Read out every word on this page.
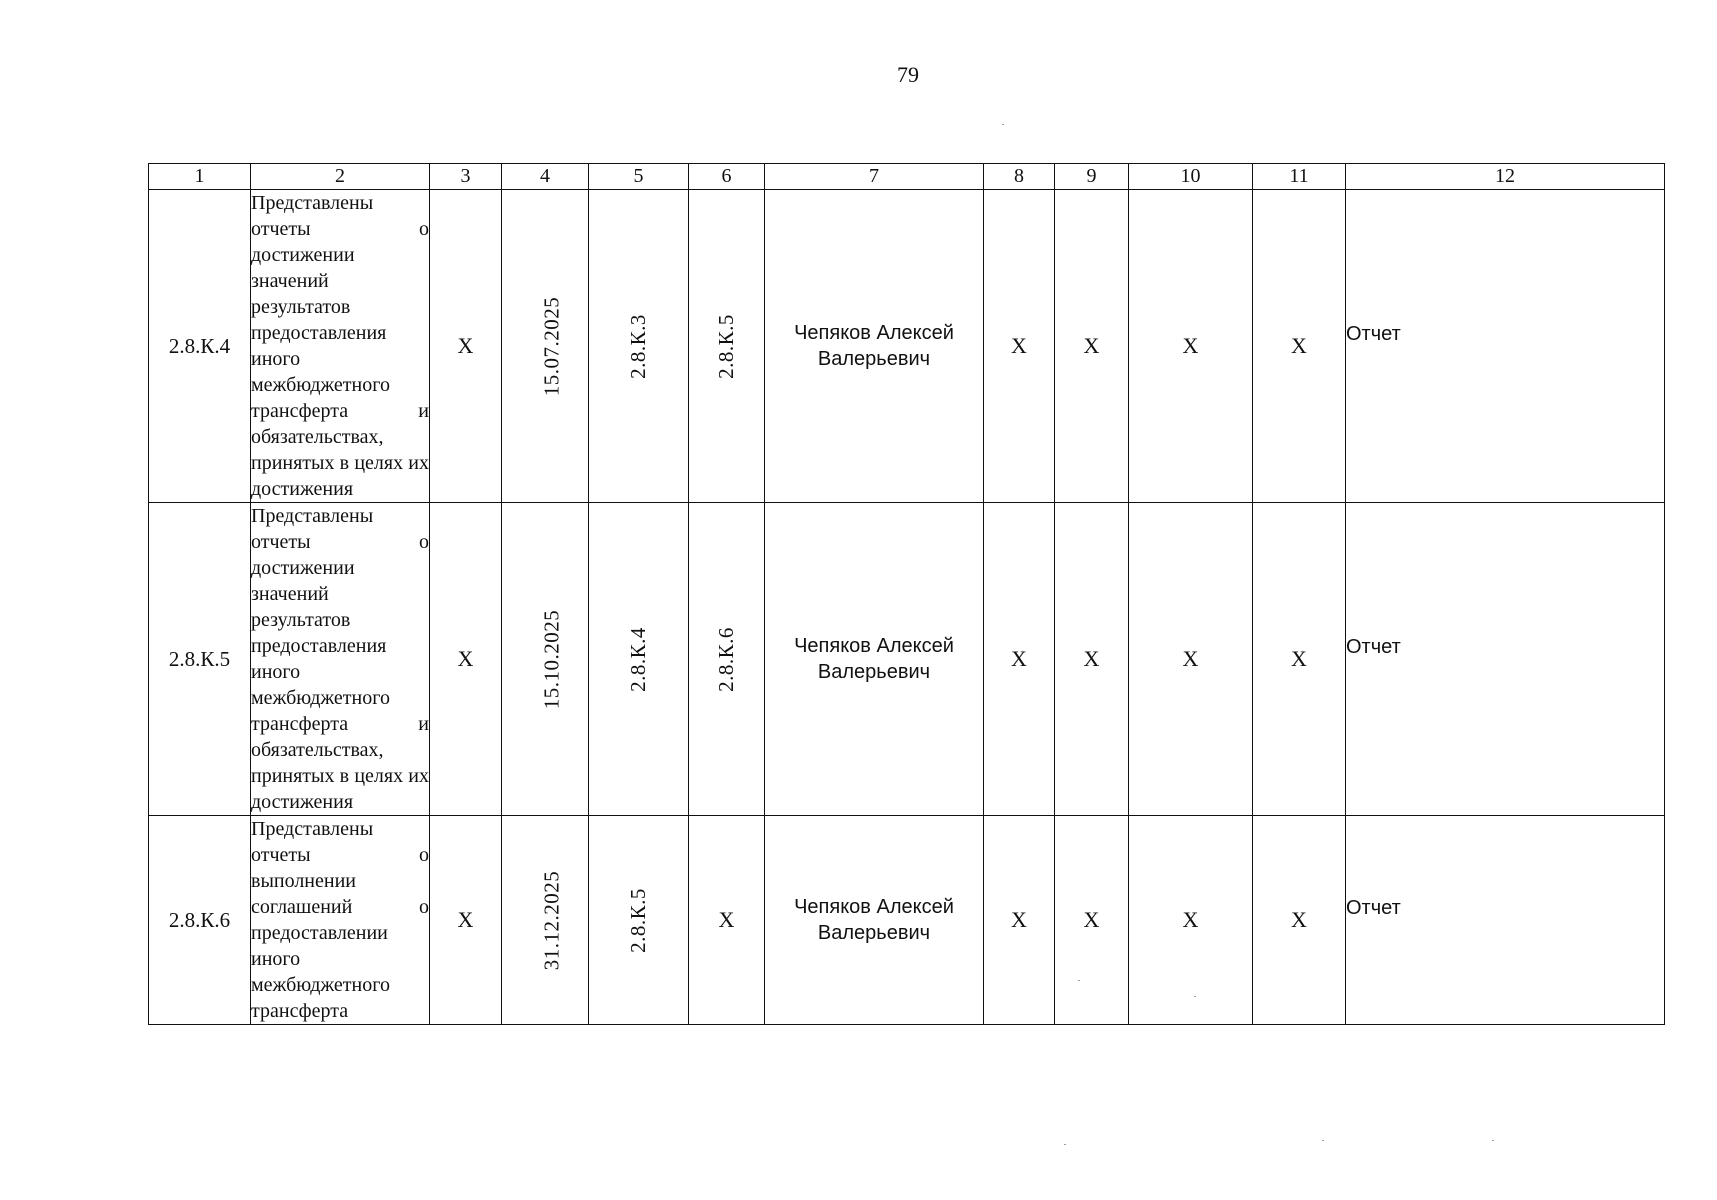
79
1	2	3	4	5	6	7	8	9	10	11	12
2.8.К.4	Представлены отчеты о достижении значений результатов предоставления иного межбюджетного трансферта и обязательствах, принятых в целях их достижения	Х	15.07.2025	2.8.К.3	2.8.К.5	Чепяков Алексей Валерьевич	Х	Х	Х	Х	Отчет
2.8.К.5	Представлены отчеты о достижении значений результатов предоставления иного межбюджетного трансферта и обязательствах, принятых в целях их достижения	Х	15.10.2025	2.8.К.4	2.8.К.6	Чепяков Алексей Валерьевич	Х	Х	Х	Х	Отчет
2.8.К.6	Представлены отчеты о выполнении соглашений о предоставлении иного межбюджетного трансферта	Х	31.12.2025	2.8.К.5	Х	Чепяков Алексей Валерьевич	Х	Х	Х	Х	Отчет
